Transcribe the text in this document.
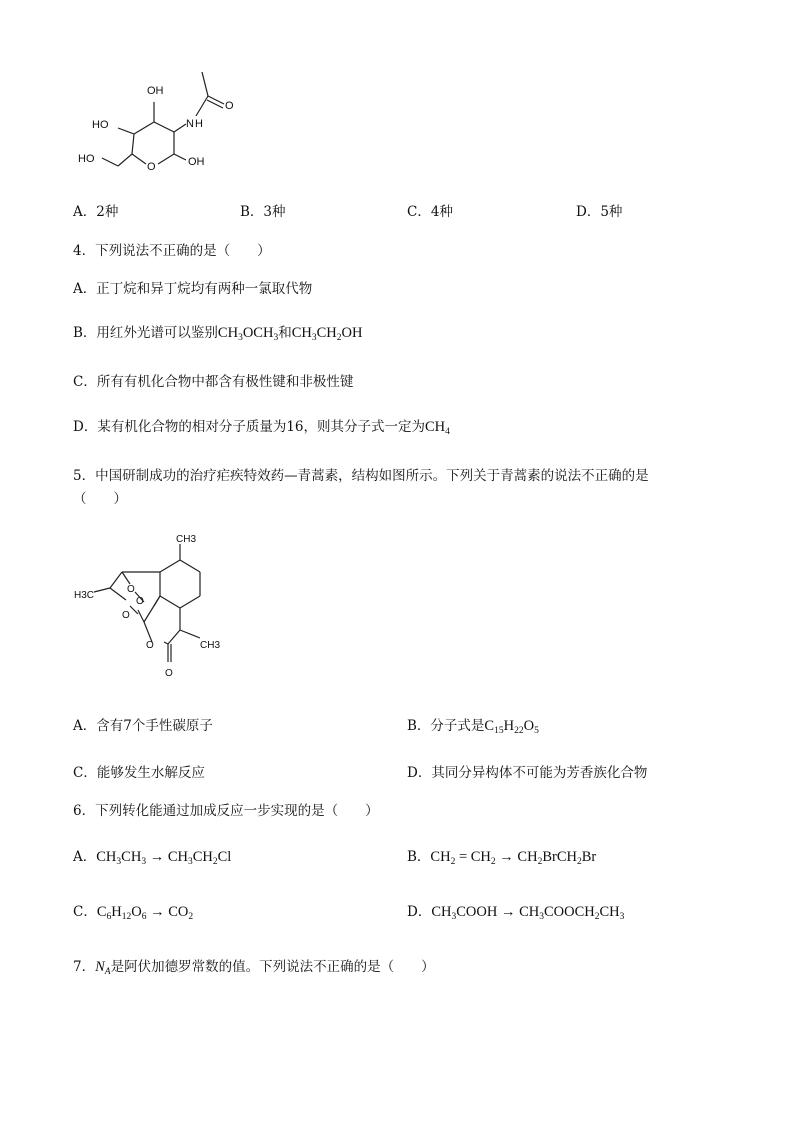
OH
HO	N H
HO
O	OH
O
A．2种	B．3种	C．4种	D．5种
4．下列说法不正确的是（　　）
A．正丁烷和异丁烷均有两种一氯取代物
B．用红外光谱可以鉴别$CH_3OCH_3$和$CH_3CH_2OH$
C．所有有机化合物中都含有极性键和非极性键
D．某有机化合物的相对分子质量为16，则其分子式一定为$CH_4$
5．中国研制成功的治疗疟疾特效药—青蒿素，结构如图所示。下列关于青蒿素的说法不正确的是
（　　）
CH3
H3C
O
O
O
O	CH3
O
A．含有7个手性碳原子	B．分子式是$C_{15}H_{22}O_5$
C．能够发生水解反应	D．其同分异构体不可能为芳香族化合物
6．下列转化能通过加成反应一步实现的是（　　）
A．$CH_3CH_3 \to CH_3CH_2Cl$	B．$CH_2 = CH_2$ → $CH_2BrCH_2Br$
C．$C_6H_{12}O_6 \to CO_2$	D．$CH_3COOH$ → $CH_3COOCH_2CH_3$
7．$N_A$是阿伏加德罗常数的值。下列说法不正确的是（　　）
